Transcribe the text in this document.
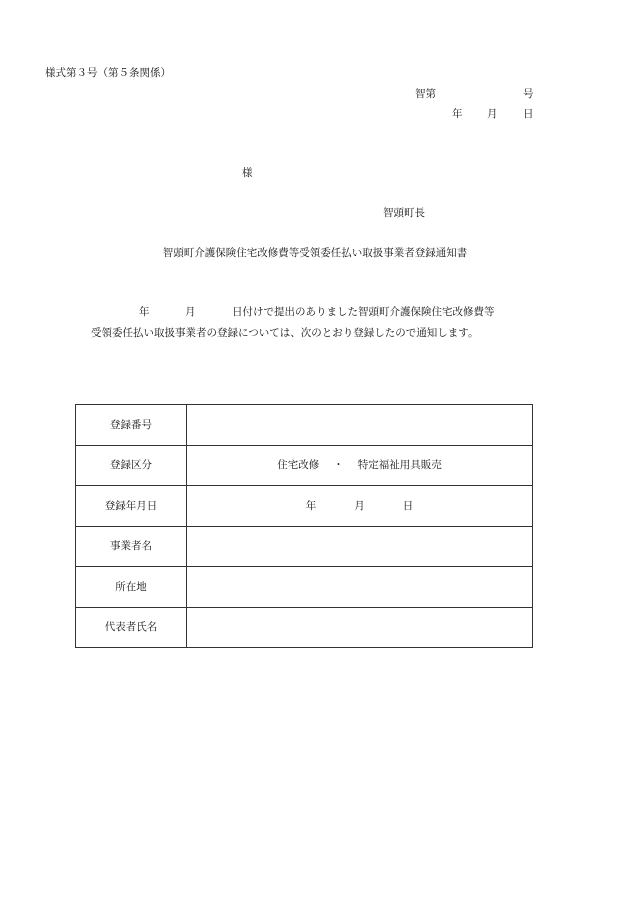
様式第３号（第５条関係）
智第	号
年 月 日
様
智頭町長
智頭町介護保険住宅改修費等受領委任払い取扱事業者登録通知書
年	月	日付けで提出のありました智頭町介護保険住宅改修費等
受領委任払い取扱事業者の登録については、次のとおり登録したので通知します。
登録番号	
登録区分	住宅改修 ・ 特定福祉用具販売
登録年月日	年 月 日
事業者名	
所在地	
代表者氏名	
